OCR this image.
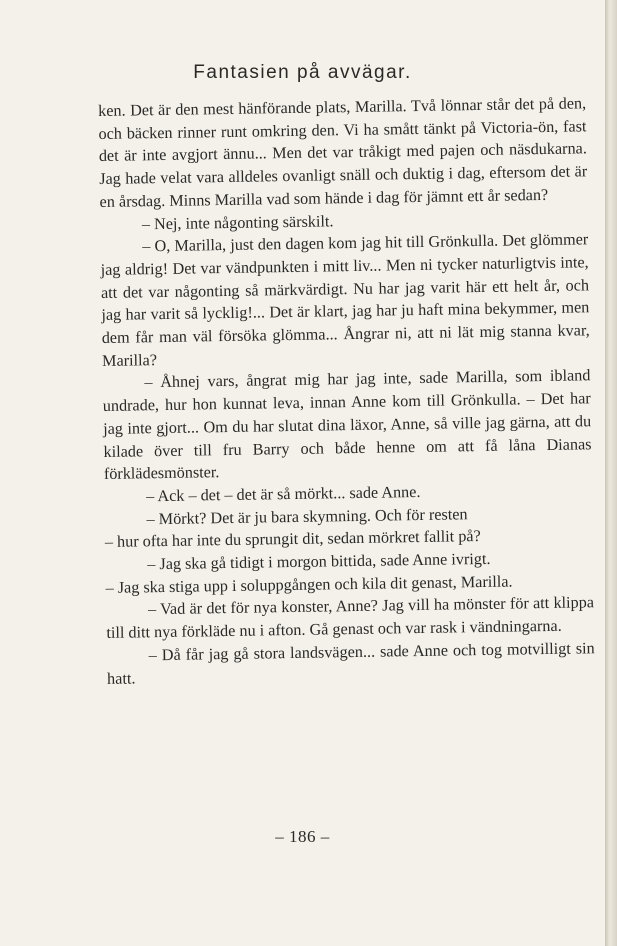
Fantasien på avvägar.

ken. Det är den mest hänförande plats, Marilla. Två lönnar står det på den, och bäcken rinner runt omkring den. Vi ha smått tänkt på Victoria-ön, fast det är inte avgjort ännu... Men det var tråkigt med pajen och näsdukarna. Jag hade velat vara alldeles ovanligt snäll och duktig i dag, eftersom det är en årsdag. Minns Marilla vad som hände i dag för jämnt ett år sedan?

– Nej, inte någonting särskilt.

– O, Marilla, just den dagen kom jag hit till Grönkulla. Det glömmer jag aldrig! Det var vändpunkten i mitt liv... Men ni tycker naturligtvis inte, att det var någonting så märkvärdigt. Nu har jag varit här ett helt år, och jag har varit så lycklig!... Det är klart, jag har ju haft mina bekymmer, men dem får man väl försöka glömma... Ångrar ni, att ni lät mig stanna kvar, Marilla?

– Åhnej vars, ångrat mig har jag inte, sade Marilla, som ibland undrade, hur hon kunnat leva, innan Anne kom till Grönkulla. – Det har jag inte gjort... Om du har slutat dina läxor, Anne, så ville jag gärna, att du kilade över till fru Barry och både henne om att få låna Dianas förklädesmönster.

– Ack – det – det är så mörkt... sade Anne.

– Mörkt? Det är ju bara skymning. Och för resten

– hur ofta har inte du sprungit dit, sedan mörkret fallit på?

– Jag ska gå tidigt i morgon bittida, sade Anne ivrigt.

– Jag ska stiga upp i soluppgången och kila dit genast, Marilla.

– Vad är det för nya konster, Anne? Jag vill ha mönster för att klippa till ditt nya förkläde nu i afton. Gå genast och var rask i vändningarna.

– Då får jag gå stora landsvägen... sade Anne och tog motvilligt sin hatt.

– 186 –
